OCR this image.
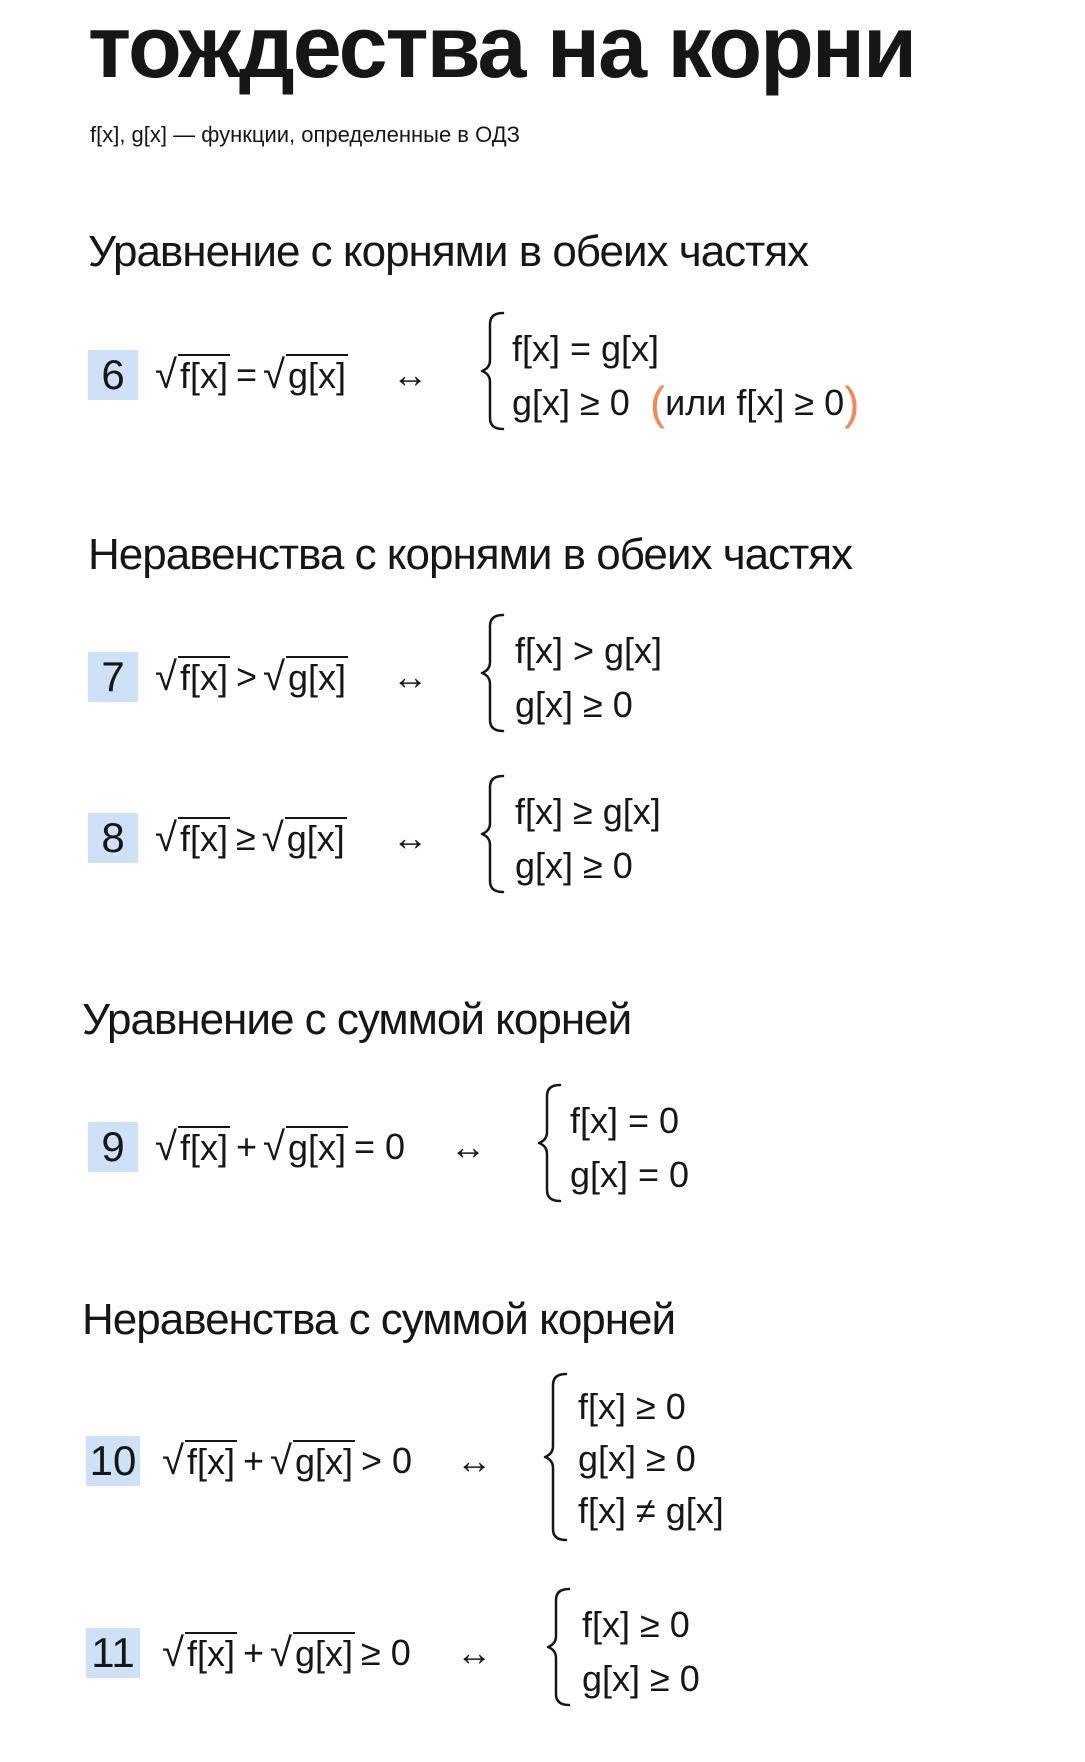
тождества на корни
f[x], g[x] — функции, определенные в ОДЗ
Уравнение с корнями в обеих частях
6 √ f[x] = √ g[x] ↔
f[x] = g[x]
g[x] ≥ 0 (или f[x] ≥ 0)
Неравенства с корнями в обеих частях
7 √ f[x] > √ g[x] ↔
f[x] > g[x]
g[x] ≥ 0
8 √ f[x] ≥ √ g[x] ↔
f[x] ≥ g[x]
g[x] ≥ 0
Уравнение с суммой корней
9 √ f[x] + √ g[x] = 0 ↔
f[x] = 0
g[x] = 0
Неравенства с суммой корней
10 √ f[x] + √ g[x] > 0 ↔
f[x] ≥ 0
g[x] ≥ 0
f[x] ≠ g[x]
11 √ f[x] + √ g[x] ≥ 0 ↔
f[x] ≥ 0
g[x] ≥ 0
